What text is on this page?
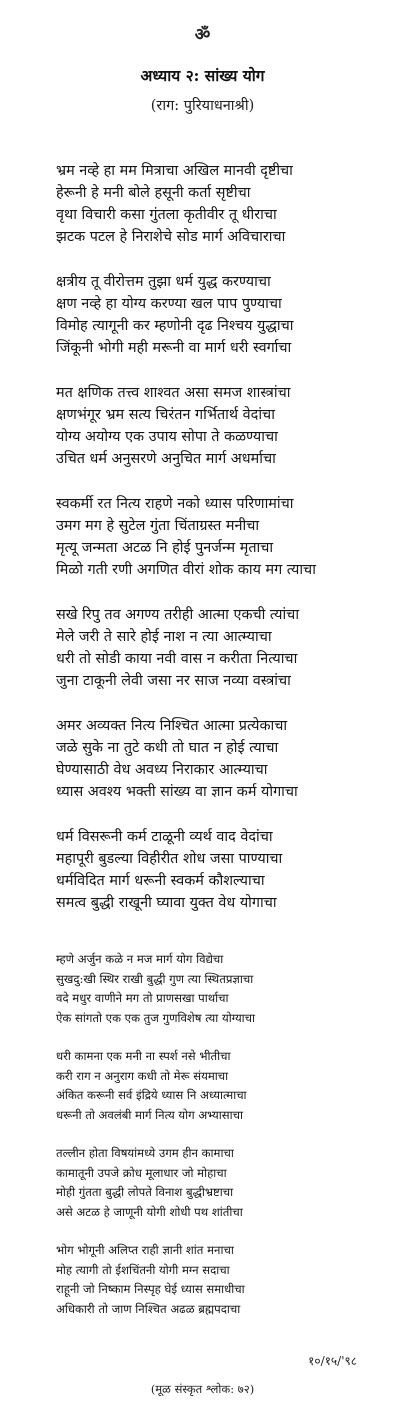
ॐ
अध्याय २: सांख्य योग
(राग: पुरियाधनाश्री)
भ्रम नव्हे हा मम मित्राचा अखिल मानवी दृष्टीचा
हेरूनी हे मनी बोले हसूनी कर्ता सृष्टीचा
वृथा विचारी कसा गुंतला कृतीवीर तू धीराचा
झटक पटल हे निराशेचे सोड मार्ग अविचाराचा
क्षत्रीय तू वीरोत्तम तुझा धर्म युद्ध करण्याचा
क्षण नव्हे हा योग्य करण्या खल पाप पुण्याचा
विमोह त्यागूनी कर म्हणोनी दृढ निश्चय युद्धाचा
जिंकूनी भोगी मही मरूनी वा मार्ग धरी स्वर्गाचा
मत क्षणिक तत्त्व शाश्वत असा समज शास्त्रांचा
क्षणभंगूर भ्रम सत्य चिरंतन गर्भितार्थ वेदांचा
योग्य अयोग्य एक उपाय सोपा ते कळण्याचा
उचित धर्म अनुसरणे अनुचित मार्ग अधर्माचा
स्वकर्मी रत नित्य राहणे नको ध्यास परिणामांचा
उमग मग हे सुटेल गुंता चिंताग्रस्त मनीचा
मृत्यू जन्मता अटळ नि होई पुनर्जन्म मृताचा
मिळो गती रणी अगणित वीरां शोक काय मग त्याचा
सखे रिपु तव अगण्य तरीही आत्मा एकची त्यांचा
मेले जरी ते सारे होई नाश न त्या आत्म्याचा
धरी तो सोडी काया नवी वास न करीता नित्याचा
जुना टाकूनी लेवी जसा नर साज नव्या वस्त्रांचा
अमर अव्यक्त नित्य निश्चित आत्मा प्रत्येकाचा
जळे सुके ना तुटे कधी तो घात न होई त्याचा
घेण्यासाठी वेध अवध्य निराकार आत्म्याचा
ध्यास अवश्य भक्ती सांख्य वा ज्ञान कर्म योगाचा
धर्म विसरूनी कर्म टाळूनी व्यर्थ वाद वेदांचा
महापूरी बुडल्या विहीरीत शोध जसा पाण्याचा
धर्मविदित मार्ग धरूनी स्वकर्म कौशल्याचा
समत्व बुद्धी राखूनी घ्यावा युक्त वेध योगाचा
म्हणे अर्जुन कळे न मज मार्ग योग विद्येचा
सुखदु:खी स्थिर राखी बुद्धी गुण त्या स्थितप्रज्ञाचा
वदे मधुर वाणीने मग तो प्राणसखा पार्थाचा
ऐक सांगतो एक एक तुज गुणविशेष त्या योग्याचा
धरी कामना एक मनी ना स्पर्श नसे भीतीचा
करी राग न अनुराग कधी तो मेरू संयमाचा
अंकित करूनी सर्व इंद्रिये ध्यास नि अध्यात्माचा
धरूनी तो अवलंबी मार्ग नित्य योग अभ्यासाचा
तल्लीन होता विषयांमध्ये उगम हीन कामाचा
कामातूनी उपजे क्रोध मूलाधार जो मोहाचा
मोही गुंतता बुद्धी लोपते विनाश बुद्धीभ्रष्टाचा
असे अटळ हे जाणूनी योगी शोधी पथ शांतीचा
भोग भोगूनी अलिप्त राही ज्ञानी शांत मनाचा
मोह त्यागी तो ईशचिंतनी योगी मग्न सदाचा
राहूनी जो निष्काम निस्पृह घेई ध्यास समाधीचा
अधिकारी तो जाण निश्चित अढळ ब्रह्मपदाचा
१०/१५/'९८
(मूळ संस्कृत श्लोक: ७२)
